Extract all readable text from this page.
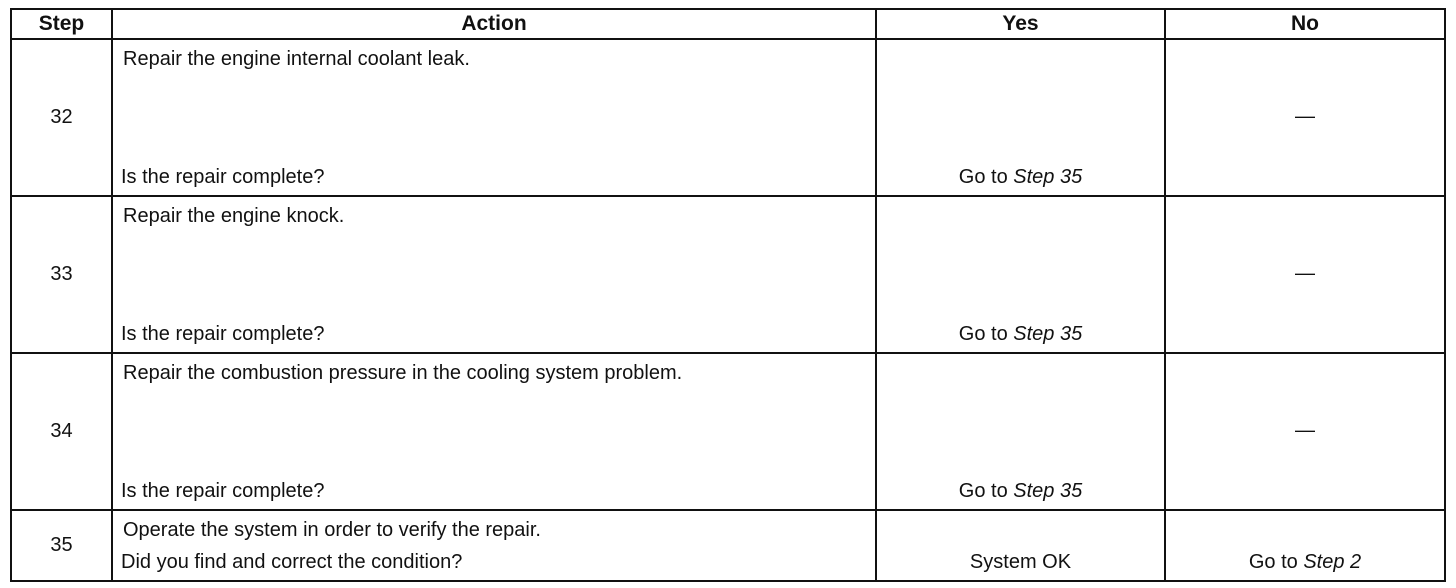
Step	Action	Yes	No
32	Repair the engine internal coolant leak.
Is the repair complete?	Go to Step 35	—

33	Repair the engine knock.
Is the repair complete?	Go to Step 35	—

34	Repair the combustion pressure in the cooling system problem.
Is the repair complete?	Go to Step 35	—

35	Operate the system in order to verify the repair.
Did you find and correct the condition?	System OK	Go to Step 2
